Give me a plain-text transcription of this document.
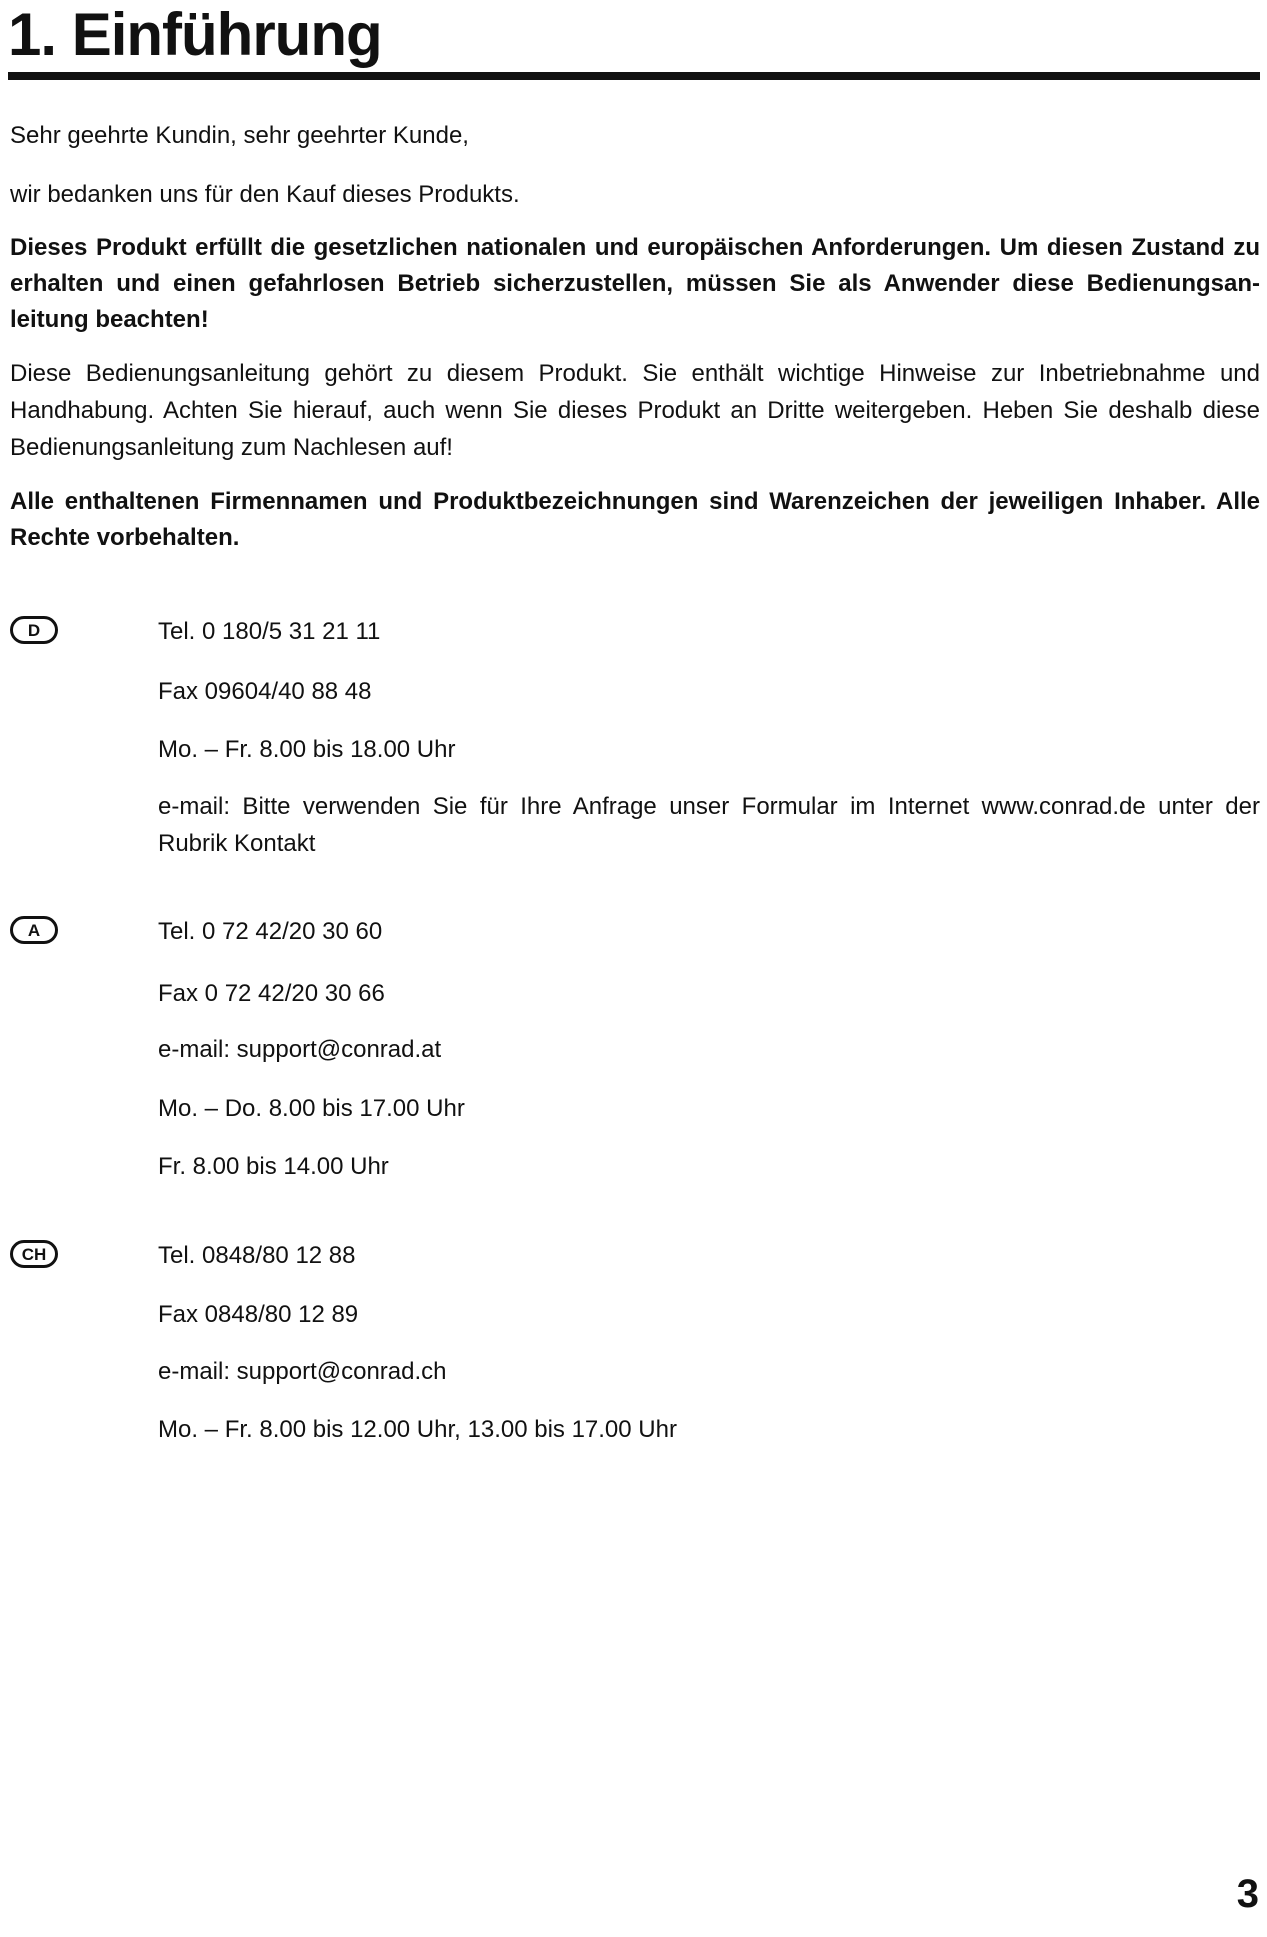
1. Einführung

Sehr geehrte Kundin, sehr geehrter Kunde,

wir bedanken uns für den Kauf dieses Produkts.

Dieses Produkt erfüllt die gesetzlichen nationalen und europäischen Anforderungen. Um diesen Zustand zu erhalten und einen gefahrlosen Betrieb sicherzustellen, müssen Sie als Anwender diese Bedienungsanleitung beachten!

Diese Bedienungsanleitung gehört zu diesem Produkt. Sie enthält wichtige Hinweise zur Inbetriebnahme und Handhabung. Achten Sie hierauf, auch wenn Sie dieses Produkt an Dritte weitergeben. Heben Sie deshalb diese Bedienungsanleitung zum Nachlesen auf!

Alle enthaltenen Firmennamen und Produktbezeichnungen sind Warenzeichen der jeweiligen Inhaber. Alle Rechte vorbehalten.

D	Tel. 0 180/5 31 21 11

Fax 09604/40 88 48

Mo. – Fr. 8.00 bis 18.00 Uhr

e-mail: Bitte verwenden Sie für Ihre Anfrage unser Formular im Internet www.conrad.de unter der Rubrik Kontakt

A	Tel. 0 72 42/20 30 60

Fax 0 72 42/20 30 66

e-mail: support@conrad.at

Mo. – Do. 8.00 bis 17.00 Uhr

Fr. 8.00 bis 14.00 Uhr

CH	Tel. 0848/80 12 88

Fax 0848/80 12 89

e-mail: support@conrad.ch

Mo. – Fr. 8.00 bis 12.00 Uhr, 13.00 bis 17.00 Uhr

3
